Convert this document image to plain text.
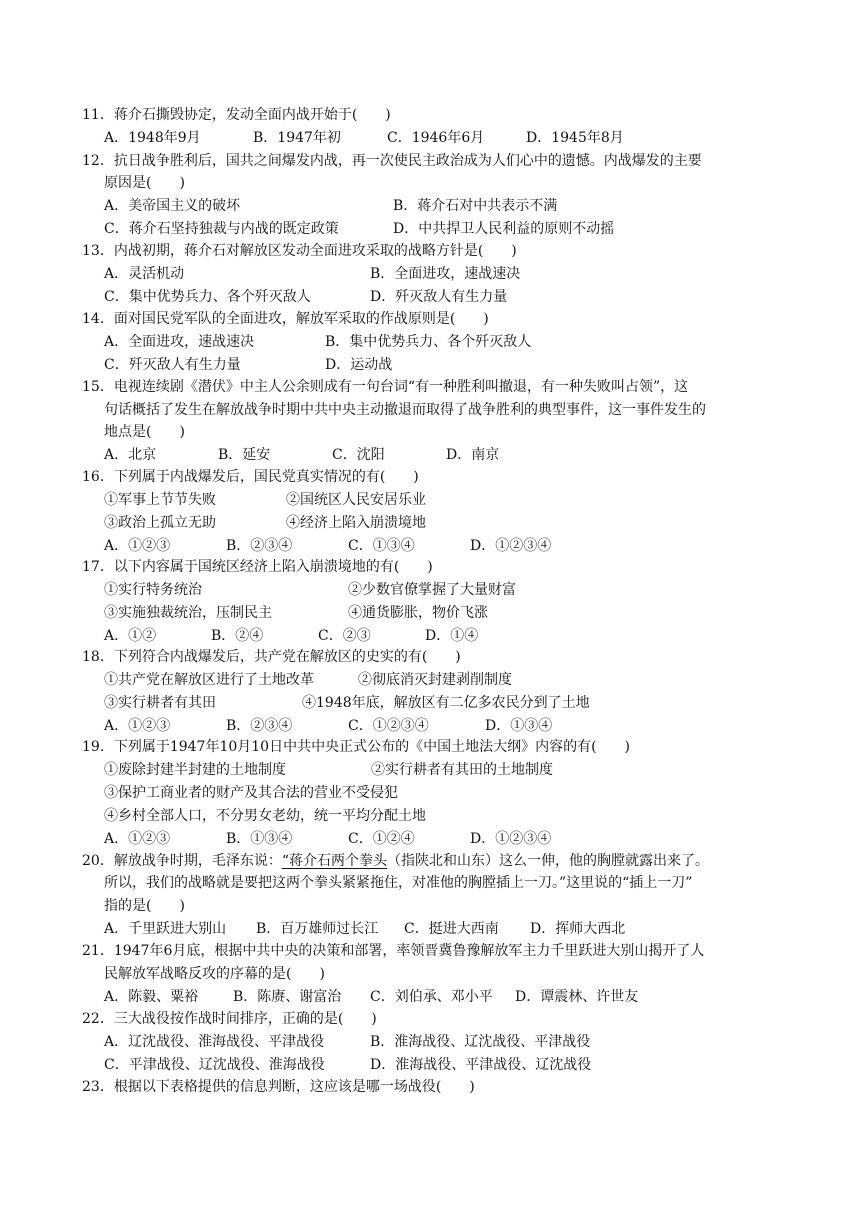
11．蒋介石撕毁协定，发动全面内战开始于(　　)
A．1948年9月	B．1947年初	C．1946年6月	D．1945年8月
12．抗日战争胜利后，国共之间爆发内战，再一次使民主政治成为人们心中的遗憾。内战爆发的主要
原因是(　　)
A．美帝国主义的破坏	B．蒋介石对中共表示不满
C．蒋介石坚持独裁与内战的既定政策	D．中共捍卫人民利益的原则不动摇
13．内战初期，蒋介石对解放区发动全面进攻采取的战略方针是(　　)
A．灵活机动	B．全面进攻，速战速决
C．集中优势兵力、各个歼灭敌人	D．歼灭敌人有生力量
14．面对国民党军队的全面进攻，解放军采取的作战原则是(　　)
A．全面进攻，速战速决	B．集中优势兵力、各个歼灭敌人
C．歼灭敌人有生力量	D．运动战
15．电视连续剧《潜伏》中主人公余则成有一句台词“有一种胜利叫撤退，有一种失败叫占领”，这
句话概括了发生在解放战争时期中共中央主动撤退而取得了战争胜利的典型事件，这一事件发生的
地点是(　　)
A．北京	B．延安	C．沈阳	D．南京
16．下列属于内战爆发后，国民党真实情况的有(　　)
①军事上节节失败	②国统区人民安居乐业
③政治上孤立无助	④经济上陷入崩溃境地
A．①②③	B．②③④	C．①③④	D．①②③④
17．以下内容属于国统区经济上陷入崩溃境地的有(　　)
①实行特务统治	②少数官僚掌握了大量财富
③实施独裁统治，压制民主	④通货膨胀，物价飞涨
A．①②	B．②④	C．②③	D．①④
18．下列符合内战爆发后，共产党在解放区的史实的有(　　)
①共产党在解放区进行了土地改革	②彻底消灭封建剥削制度
③实行耕者有其田	④1948年底，解放区有二亿多农民分到了土地
A．①②③	B．②③④	C．①②③④	D．①③④
19．下列属于1947年10月10日中共中央正式公布的《中国土地法大纲》内容的有(　　)
①废除封建半封建的土地制度	②实行耕者有其田的土地制度
③保护工商业者的财产及其合法的营业不受侵犯
④乡村全部人口，不分男女老幼，统一平均分配土地
A．①②③	B．①③④	C．①②④	D．①②③④
20．解放战争时期，毛泽东说：“蒋介石两个拳头（指陕北和山东）这么一伸，他的胸膛就露出来了。
所以，我们的战略就是要把这两个拳头紧紧拖住，对准他的胸膛插上一刀。”这里说的“插上一刀”
指的是(　　)
A．千里跃进大别山 B．百万雄师过长江 C．挺进大西南 D．挥师大西北
21．1947年6月底，根据中共中央的决策和部署，率领晋冀鲁豫解放军主力千里跃进大别山揭开了人
民解放军战略反攻的序幕的是(　　)
A．陈毅、粟裕 B．陈赓、谢富治 C．刘伯承、邓小平 D．谭震林、许世友
22．三大战役按作战时间排序，正确的是(　　)
A．辽沈战役、淮海战役、平津战役	B．淮海战役、辽沈战役、平津战役
C．平津战役、辽沈战役、淮海战役	D．淮海战役、平津战役、辽沈战役
23．根据以下表格提供的信息判断，这应该是哪一场战役(　　)
